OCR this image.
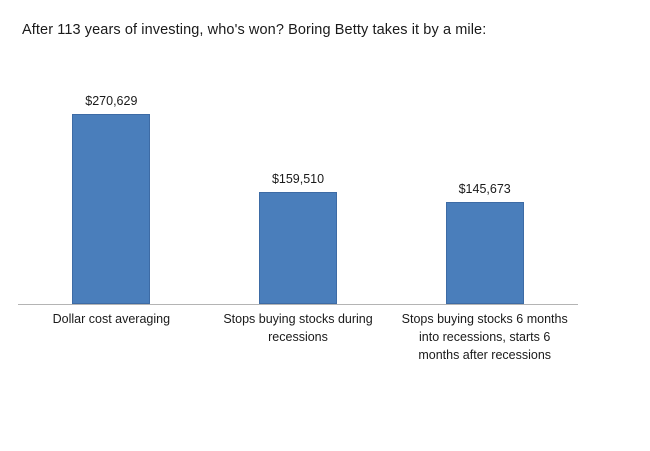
After 113 years of investing, who's won? Boring Betty takes it by a mile:
$270,629
$159,510
$145,673
Dollar cost averaging	Stops buying stocks during recessions
Stops buying stocks 6 months into recessions, starts 6 months after recessions
